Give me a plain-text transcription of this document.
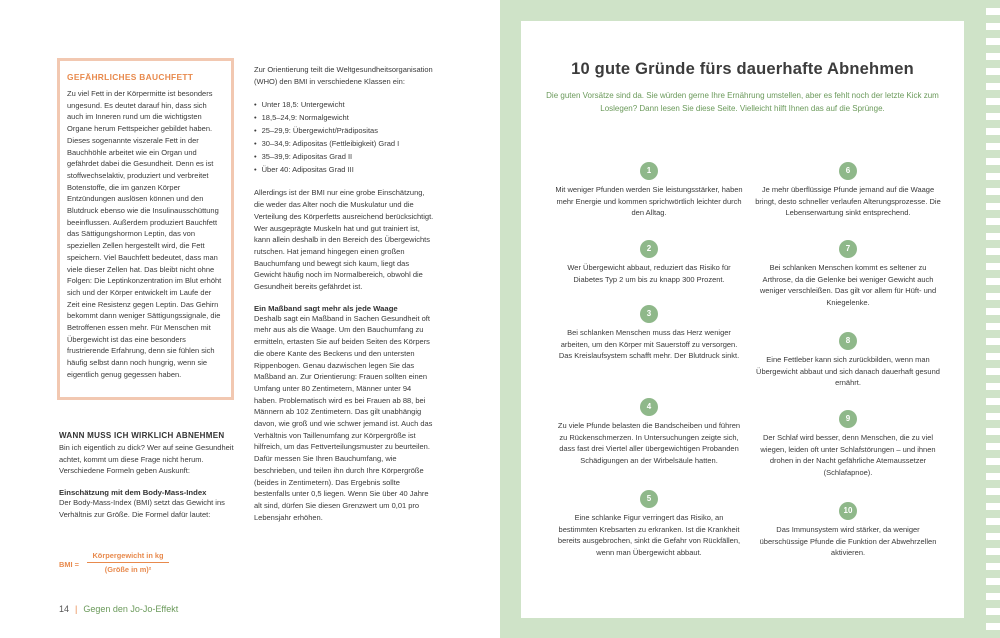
GEFÄHRLICHES BAUCHFETT

Zu viel Fett in der Körpermitte ist besonders ungesund. Es deutet darauf hin, dass sich auch im Inneren rund um die wichtigsten Organe herum Fettspeicher gebildet haben. Dieses sogenannte viszerale Fett in der Bauchhöhle arbeitet wie ein Organ und gefährdet dabei die Gesundheit. Denn es ist stoffwechselaktiv, produziert und verbreitet Botenstoffe, die im ganzen Körper Entzündungen auslösen können und den Blutdruck ebenso wie die Insulinausschüttung beeinflussen. Außerdem produziert Bauchfett das Sättigungshormon Leptin, das von speziellen Zellen hergestellt wird, die Fett speichern. Viel Bauchfett bedeutet, dass man viele dieser Zellen hat. Das bleibt nicht ohne Folgen: Die Leptinkonzentration im Blut erhöht sich und der Körper entwickelt im Laufe der Zeit eine Resistenz gegen Leptin. Das Gehirn bekommt dann weniger Sättigungssignale, die Betroffenen essen mehr. Für Menschen mit Übergewicht ist das eine besonders frustrierende Erfahrung, denn sie fühlen sich häufig selbst dann noch hungrig, wenn sie eigentlich genug gegessen haben.

WANN MUSS ICH WIRKLICH ABNEHMEN

Bin ich eigentlich zu dick? Wer auf seine Gesundheit achtet, kommt um diese Frage nicht herum. Verschiedene Formeln geben Auskunft:

Einschätzung mit dem Body-Mass-Index

Der Body-Mass-Index (BMI) setzt das Gewicht ins Verhältnis zur Größe. Die Formel dafür lautet:

BMI =
Körpergewicht in kg
(Größe in m)²

Zur Orientierung teilt die Weltgesundheitsorganisation (WHO) den BMI in verschiedene Klassen ein:

• Unter 18,5: Untergewicht
• 18,5–24,9: Normalgewicht
• 25–29,9: Übergewicht/Prädipositas
• 30–34,9: Adipositas (Fettleibigkeit) Grad I
• 35–39,9: Adipositas Grad II
• Über 40: Adipositas Grad III

Allerdings ist der BMI nur eine grobe Einschätzung, die weder das Alter noch die Muskulatur und die Verteilung des Körperfetts ausreichend berücksichtigt. Wer ausgeprägte Muskeln hat und gut trainiert ist, kann allein deshalb in den Bereich des Übergewichts rutschen. Hat jemand hingegen einen großen Bauchumfang und bewegt sich kaum, liegt das Gewicht häufig noch im Normalbereich, obwohl die Gesundheit bereits gefährdet ist.

Ein Maßband sagt mehr als jede Waage

Deshalb sagt ein Maßband in Sachen Gesundheit oft mehr aus als die Waage. Um den Bauchumfang zu ermitteln, ertasten Sie auf beiden Seiten des Körpers die obere Kante des Beckens und den untersten Rippenbogen. Genau dazwischen legen Sie das Maßband an. Zur Orientierung: Frauen sollten einen Umfang unter 80 Zentimetern, Männer unter 94 haben. Problematisch wird es bei Frauen ab 88, bei Männern ab 102 Zentimetern. Das gilt unabhängig davon, wie groß und wie schwer jemand ist. Auch das Verhältnis von Taillenumfang zur Körpergröße ist hilfreich, um das Fettverteilungsmuster zu beurteilen. Dafür messen Sie Ihren Bauchumfang, wie beschrieben, und teilen ihn durch Ihre Körpergröße (beides in Zentimetern). Das Ergebnis sollte bestenfalls unter 0,5 liegen. Wenn Sie über 40 Jahre alt sind, dürfen Sie diesen Grenzwert um 0,01 pro Lebensjahr erhöhen.

14 | Gegen den Jo-Jo-Effekt
10 gute Gründe fürs dauerhafte Abnehmen
Die guten Vorsätze sind da. Sie würden gerne Ihre Ernährung umstellen, aber es fehlt noch der letzte Kick zum Loslegen? Dann lesen Sie diese Seite. Vielleicht hilft Ihnen das auf die Sprünge.
1

Mit weniger Pfunden werden Sie leistungsstärker, haben mehr Energie und kommen sprichwörtlich leichter durch den Alltag.

2

Wer Übergewicht abbaut, reduziert das Risiko für Diabetes Typ 2 um bis zu knapp 300 Prozent.

3

Bei schlanken Menschen muss das Herz weniger arbeiten, um den Körper mit Sauerstoff zu versorgen. Das Kreislaufsystem schafft mehr. Der Blutdruck sinkt.

4

Zu viele Pfunde belasten die Bandscheiben und führen zu Rückenschmerzen. In Untersuchungen zeigte sich, dass fast drei Viertel aller übergewichtigen Probanden Schädigungen an der Wirbelsäule hatten.

5

Eine schlanke Figur verringert das Risiko, an bestimmten Krebsarten zu erkranken. Ist die Krankheit bereits ausgebrochen, sinkt die Gefahr von Rückfällen, wenn man Übergewicht abbaut.

6

Je mehr überflüssige Pfunde jemand auf die Waage bringt, desto schneller verlaufen Alterungsprozesse. Die Lebenserwartung sinkt entsprechend.

7

Bei schlanken Menschen kommt es seltener zu Arthrose, da die Gelenke bei weniger Gewicht auch weniger verschleißen. Das gilt vor allem für Hüft- und Kniegelenke.

8

Eine Fettleber kann sich zurückbilden, wenn man Übergewicht abbaut und sich danach dauerhaft gesund ernährt.

9

Der Schlaf wird besser, denn Menschen, die zu viel wiegen, leiden oft unter Schlafstörungen – und ihnen drohen in der Nacht gefährliche Atemaussetzer (Schlafapnoe).

10

Das Immunsystem wird stärker, da weniger überschüssige Pfunde die Funktion der Abwehrzellen aktivieren.
